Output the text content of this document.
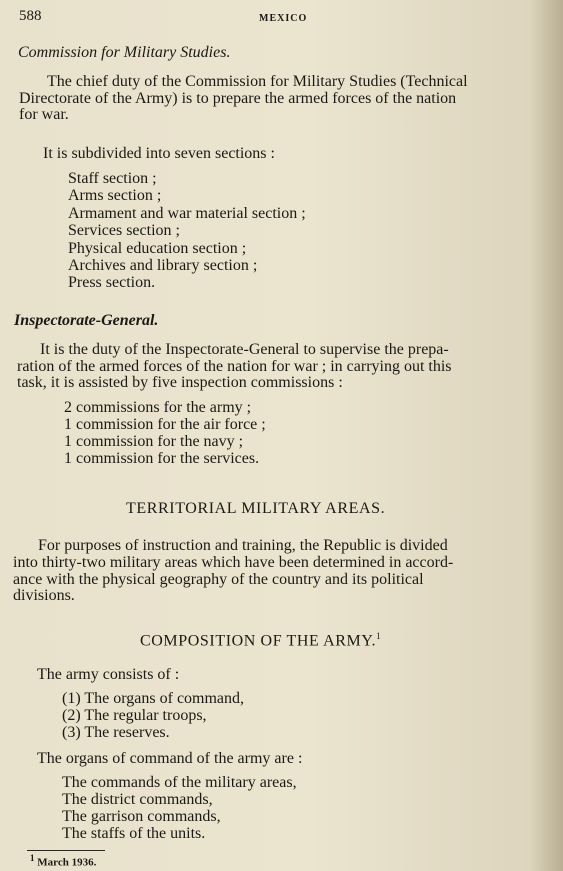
588	MEXICO
Commission for Military Studies.
The chief duty of the Commission for Military Studies (Technical
Directorate of the Army) is to prepare the armed forces of the nation
for war.
It is subdivided into seven sections :
Staff section ;
Arms section ;
Armament and war material section ;
Services section ;
Physical education section ;
Archives and library section ;
Press section.
Inspectorate-General.
It is the duty of the Inspectorate-General to supervise the prepa-
ration of the armed forces of the nation for war ; in carrying out this
task, it is assisted by five inspection commissions :
2 commissions for the army ;
1 commission for the air force ;
1 commission for the navy ;
1 commission for the services.
TERRITORIAL MILITARY AREAS.
For purposes of instruction and training, the Republic is divided
into thirty-two military areas which have been determined in accord-
ance with the physical geography of the country and its political
divisions.
COMPOSITION OF THE ARMY.$^1$
The army consists of :
(1) The organs of command,
(2) The regular troops,
(3) The reserves.
The organs of command of the army are :
The commands of the military areas,
The district commands,
The garrison commands,
The staffs of the units.
$^1$ March 1936.
